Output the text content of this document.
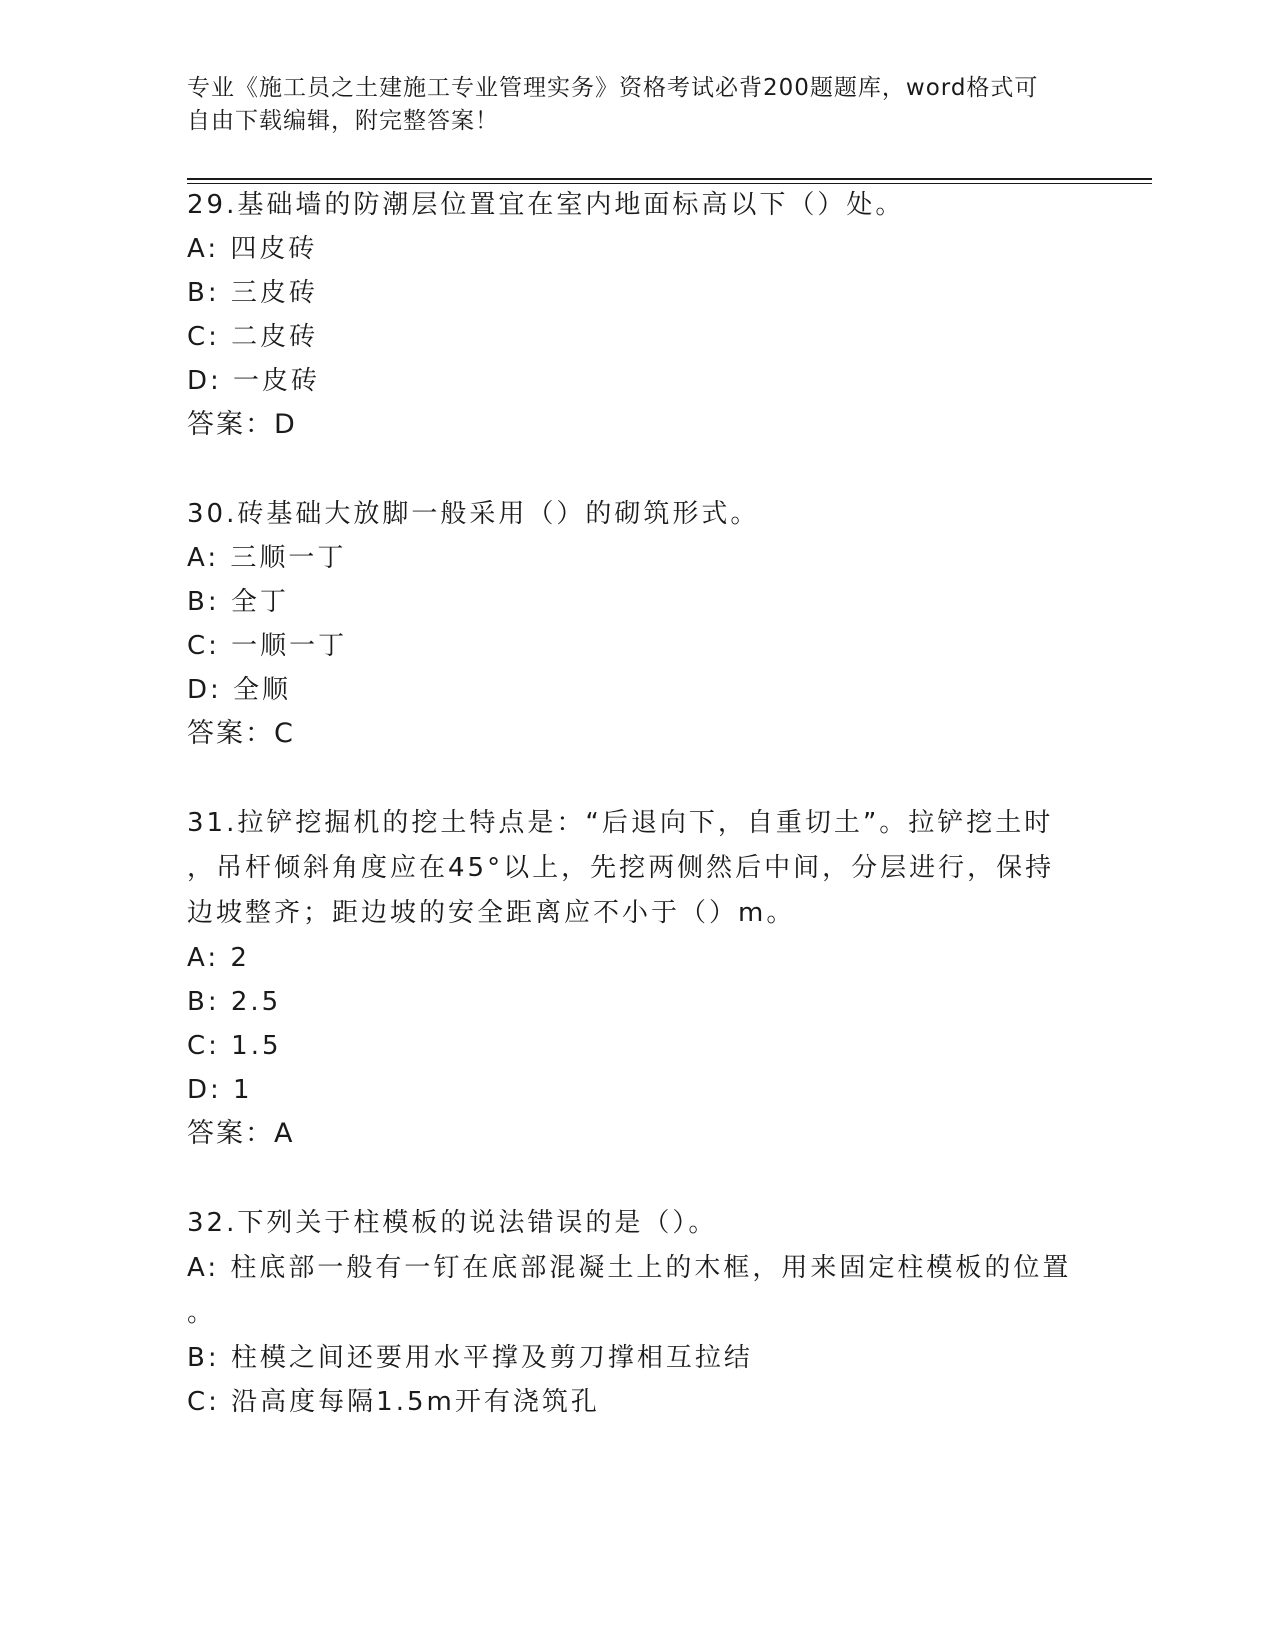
专业《施工员之土建施工专业管理实务》资格考试必背200题题库，word格式可
自由下载编辑，附完整答案！
29.基础墙的防潮层位置宜在室内地面标高以下（）处。
A: 四皮砖
B: 三皮砖
C: 二皮砖
D: 一皮砖
答案：D
30.砖基础大放脚一般采用（）的砌筑形式。
A: 三顺一丁
B: 全丁
C: 一顺一丁
D: 全顺
答案：C
31.拉铲挖掘机的挖土特点是：“后退向下，自重切土”。拉铲挖土时
，吊杆倾斜角度应在45°以上，先挖两侧然后中间，分层进行，保持
边坡整齐；距边坡的安全距离应不小于（）m。
A: 2
B: 2.5
C: 1.5
D: 1
答案：A
32.下列关于柱模板的说法错误的是（）。
A: 柱底部一般有一钉在底部混凝土上的木框，用来固定柱模板的位置
。
B: 柱模之间还要用水平撑及剪刀撑相互拉结
C: 沿高度每隔1.5m开有浇筑孔
